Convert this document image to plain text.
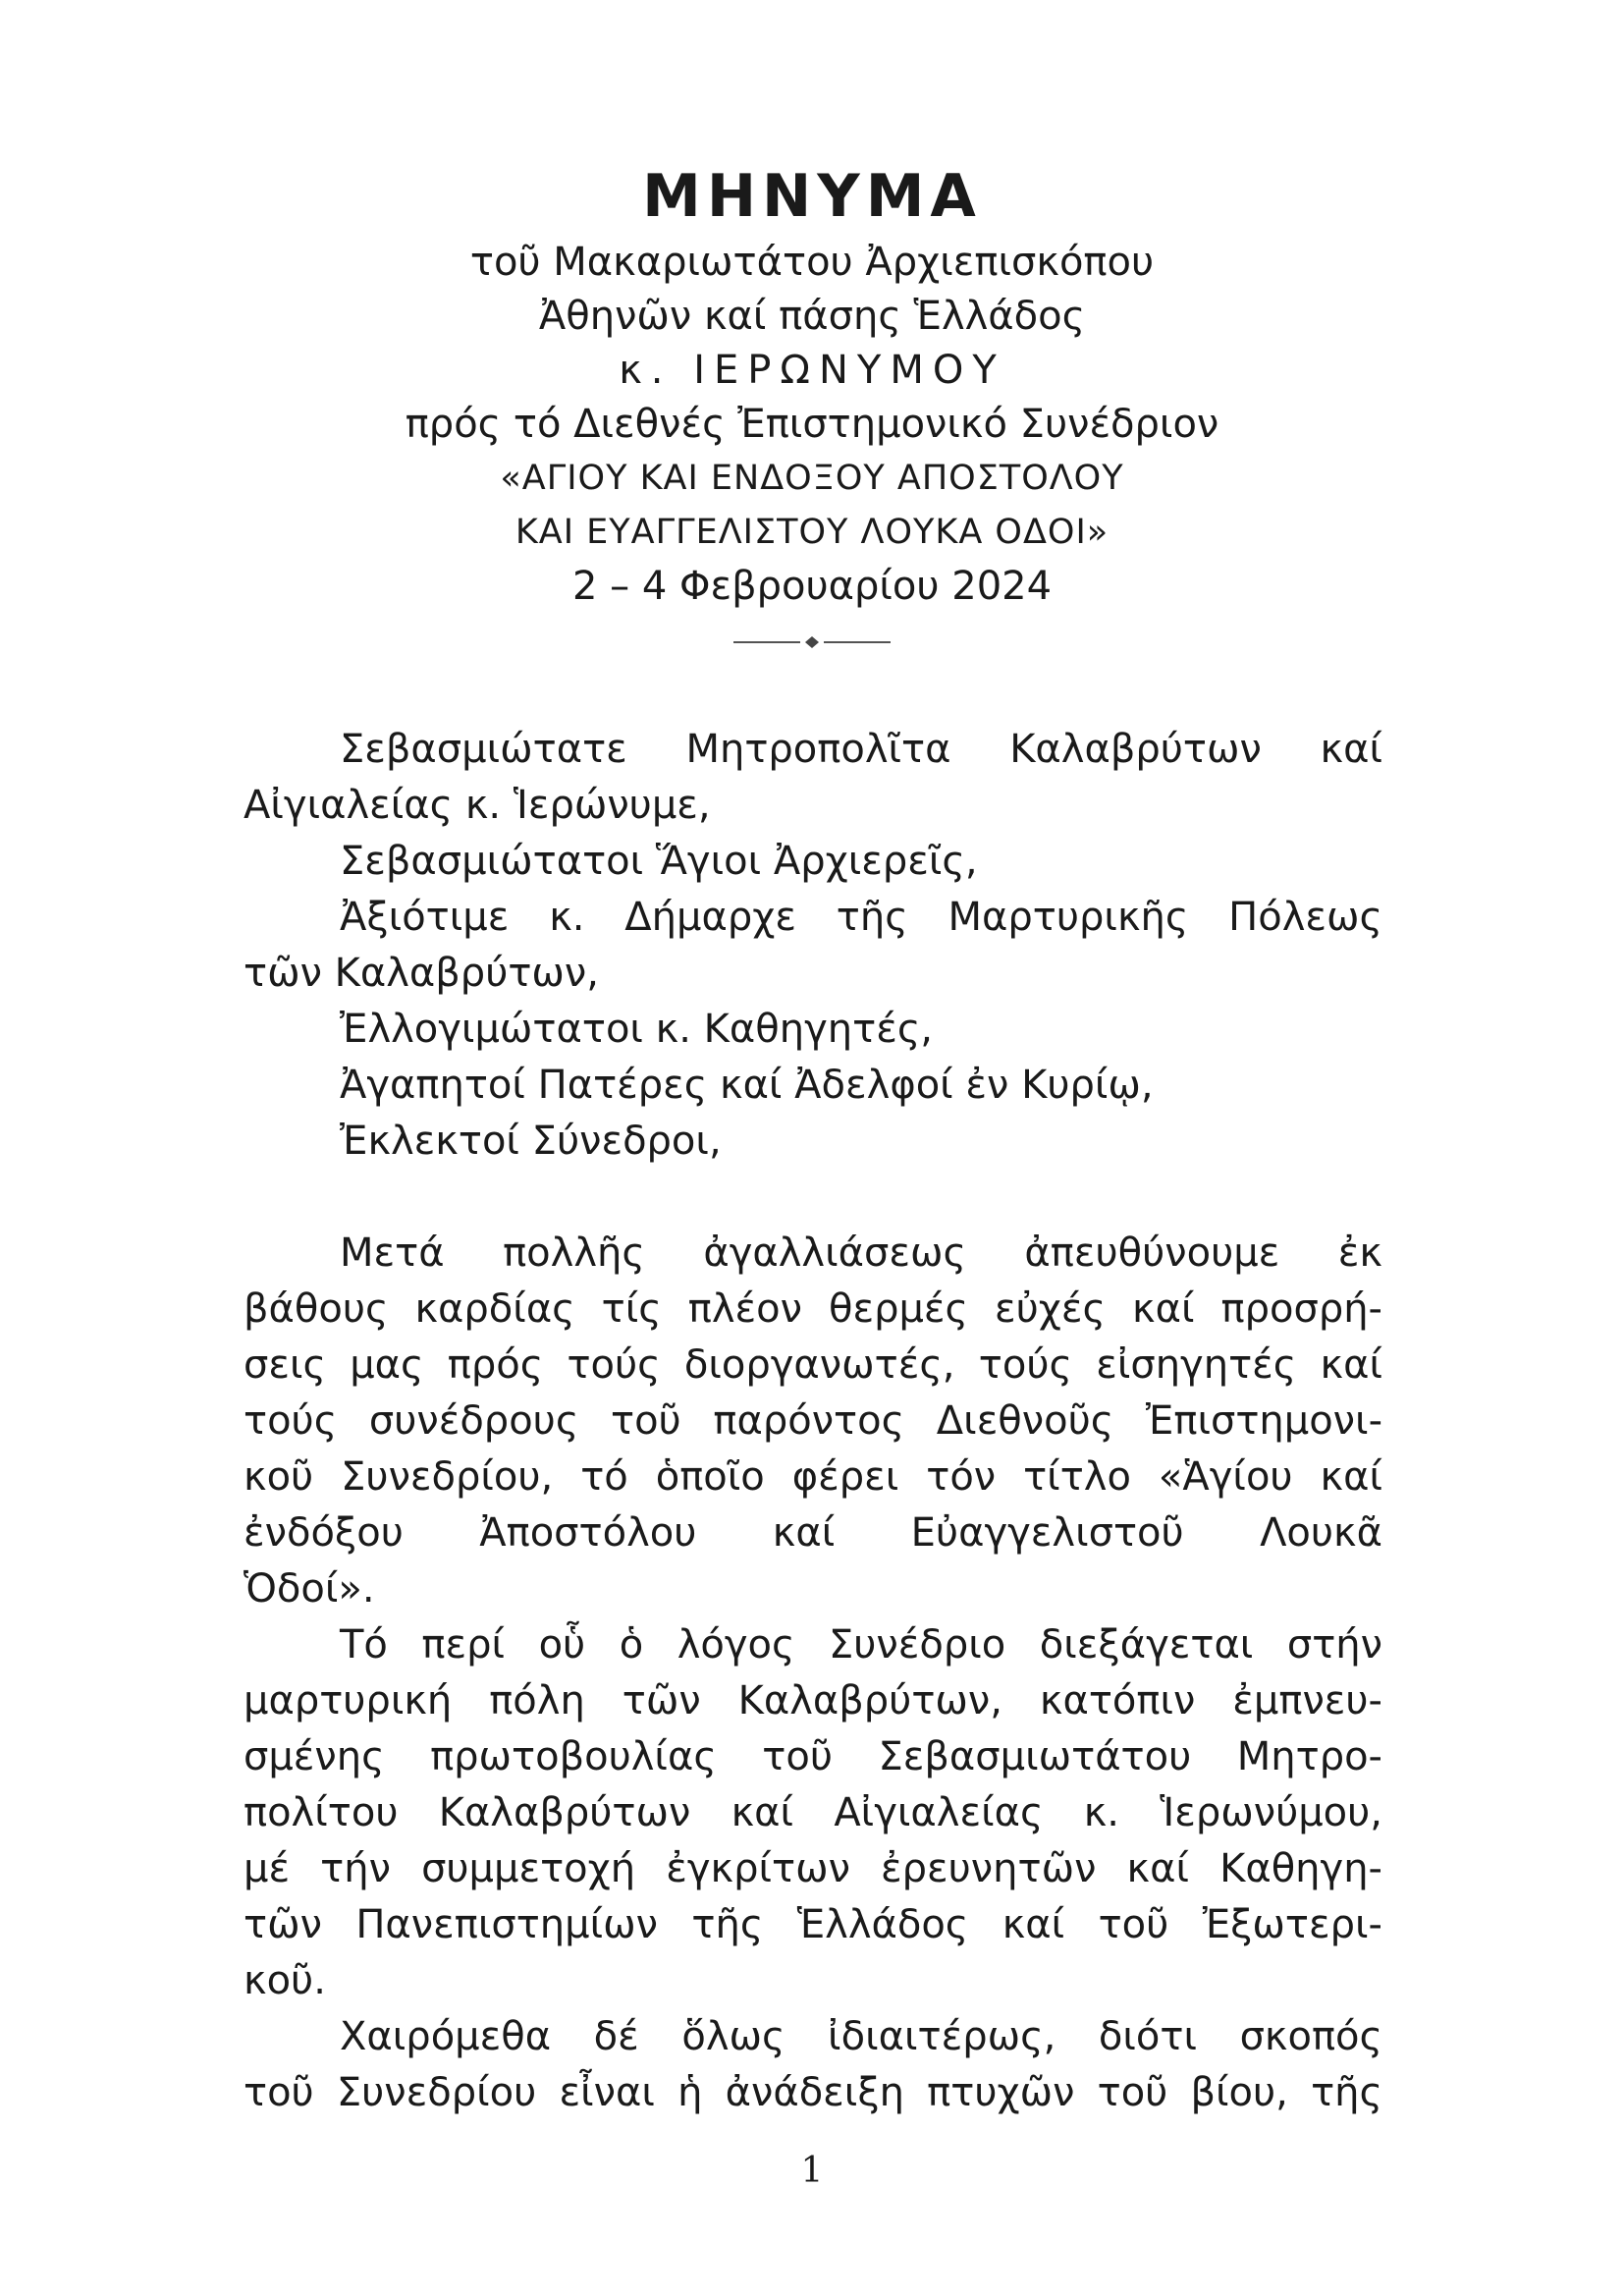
ΜΗΝΥΜΑ
τοῦ Μακαριωτάτου Ἀρχιεπισκόπου
Ἀθηνῶν καί πάσης Ἑλλάδος
κ. ΙΕΡΩΝΥΜΟΥ
πρός τό Διεθνές Ἐπιστημονικό Συνέδριον
«ΑΓΙΟΥ ΚΑΙ ΕΝΔΟΞΟΥ ΑΠΟΣΤΟΛΟΥ
ΚΑΙ ΕΥΑΓΓΕΛΙΣΤΟΥ ΛΟΥΚΑ ΟΔΟΙ»
2 – 4 Φεβρουαρίου 2024
Σεβασμιώτατε Μητροπολῖτα Καλαβρύτων καί
Αἰγιαλείας κ. Ἱερώνυμε,
Σεβασμιώτατοι Ἅγιοι Ἀρχιερεῖς,
Ἀξιότιμε κ. Δήμαρχε τῆς Μαρτυρικῆς Πόλεως
τῶν Καλαβρύτων,
Ἐλλογιμώτατοι κ. Καθηγητές,
Ἀγαπητοί Πατέρες καί Ἀδελφοί ἐν Κυρίῳ,
Ἐκλεκτοί Σύνεδροι,
Μετά πολλῆς ἀγαλλιάσεως ἀπευθύνουμε ἐκ
βάθους καρδίας τίς πλέον θερμές εὐχές καί προσρή-
σεις μας πρός τούς διοργανωτές, τούς εἰσηγητές καί
τούς συνέδρους τοῦ παρόντος Διεθνοῦς Ἐπιστημονι-
κοῦ Συνεδρίου, τό ὁποῖο φέρει τόν τίτλο «Ἁγίου καί
ἐνδόξου Ἀποστόλου καί Εὐαγγελιστοῦ Λουκᾶ
Ὁδοί».
Τό περί οὗ ὁ λόγος Συνέδριο διεξάγεται στήν
μαρτυρική πόλη τῶν Καλαβρύτων, κατόπιν ἐμπνευ-
σμένης πρωτοβουλίας τοῦ Σεβασμιωτάτου Μητρο-
πολίτου Καλαβρύτων καί Αἰγιαλείας κ. Ἱερωνύμου,
μέ τήν συμμετοχή ἐγκρίτων ἐρευνητῶν καί Καθηγη-
τῶν Πανεπιστημίων τῆς Ἑλλάδος καί τοῦ Ἐξωτερι-
κοῦ.
Χαιρόμεθα δέ ὅλως ἰδιαιτέρως, διότι σκοπός
τοῦ Συνεδρίου εἶναι ἡ ἀνάδειξη πτυχῶν τοῦ βίου, τῆς
1
